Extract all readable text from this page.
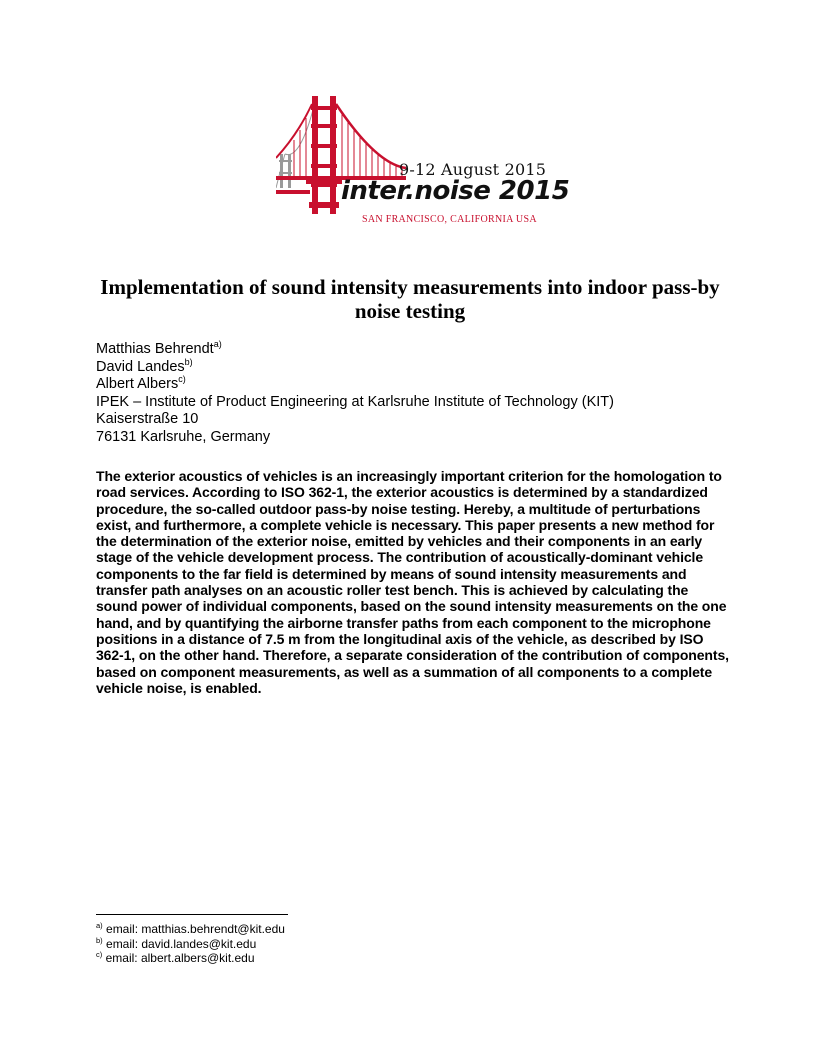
9-12 August 2015
inter.noise 2015
SAN FRANCISCO, CALIFORNIA USA
Implementation of sound intensity measurements into indoor pass-by noise testing
Matthias Behrendt$^{a)}$
David Landes$^{b)}$
Albert Albers$^{c)}$
IPEK – Institute of Product Engineering at Karlsruhe Institute of Technology (KIT)
Kaiserstraße 10
76131 Karlsruhe, Germany
The exterior acoustics of vehicles is an increasingly important criterion for the homologation to road services. According to ISO 362-1, the exterior acoustics is determined by a standardized procedure, the so-called outdoor pass-by noise testing. Hereby, a multitude of perturbations exist, and furthermore, a complete vehicle is necessary. This paper presents a new method for the determination of the exterior noise, emitted by vehicles and their components in an early stage of the vehicle development process. The contribution of acoustically-dominant vehicle components to the far field is determined by means of sound intensity measurements and transfer path analyses on an acoustic roller test bench. This is achieved by calculating the sound power of individual components, based on the sound intensity measurements on the one hand, and by quantifying the airborne transfer paths from each component to the microphone positions in a distance of 7.5 m from the longitudinal axis of the vehicle, as described by ISO 362-1, on the other hand. Therefore, a separate consideration of the contribution of components, based on component measurements, as well as a summation of all components to a complete vehicle noise, is enabled.
$^{a)}$ email: matthias.behrendt@kit.edu
$^{b)}$ email: david.landes@kit.edu
$^{c)}$ email: albert.albers@kit.edu
